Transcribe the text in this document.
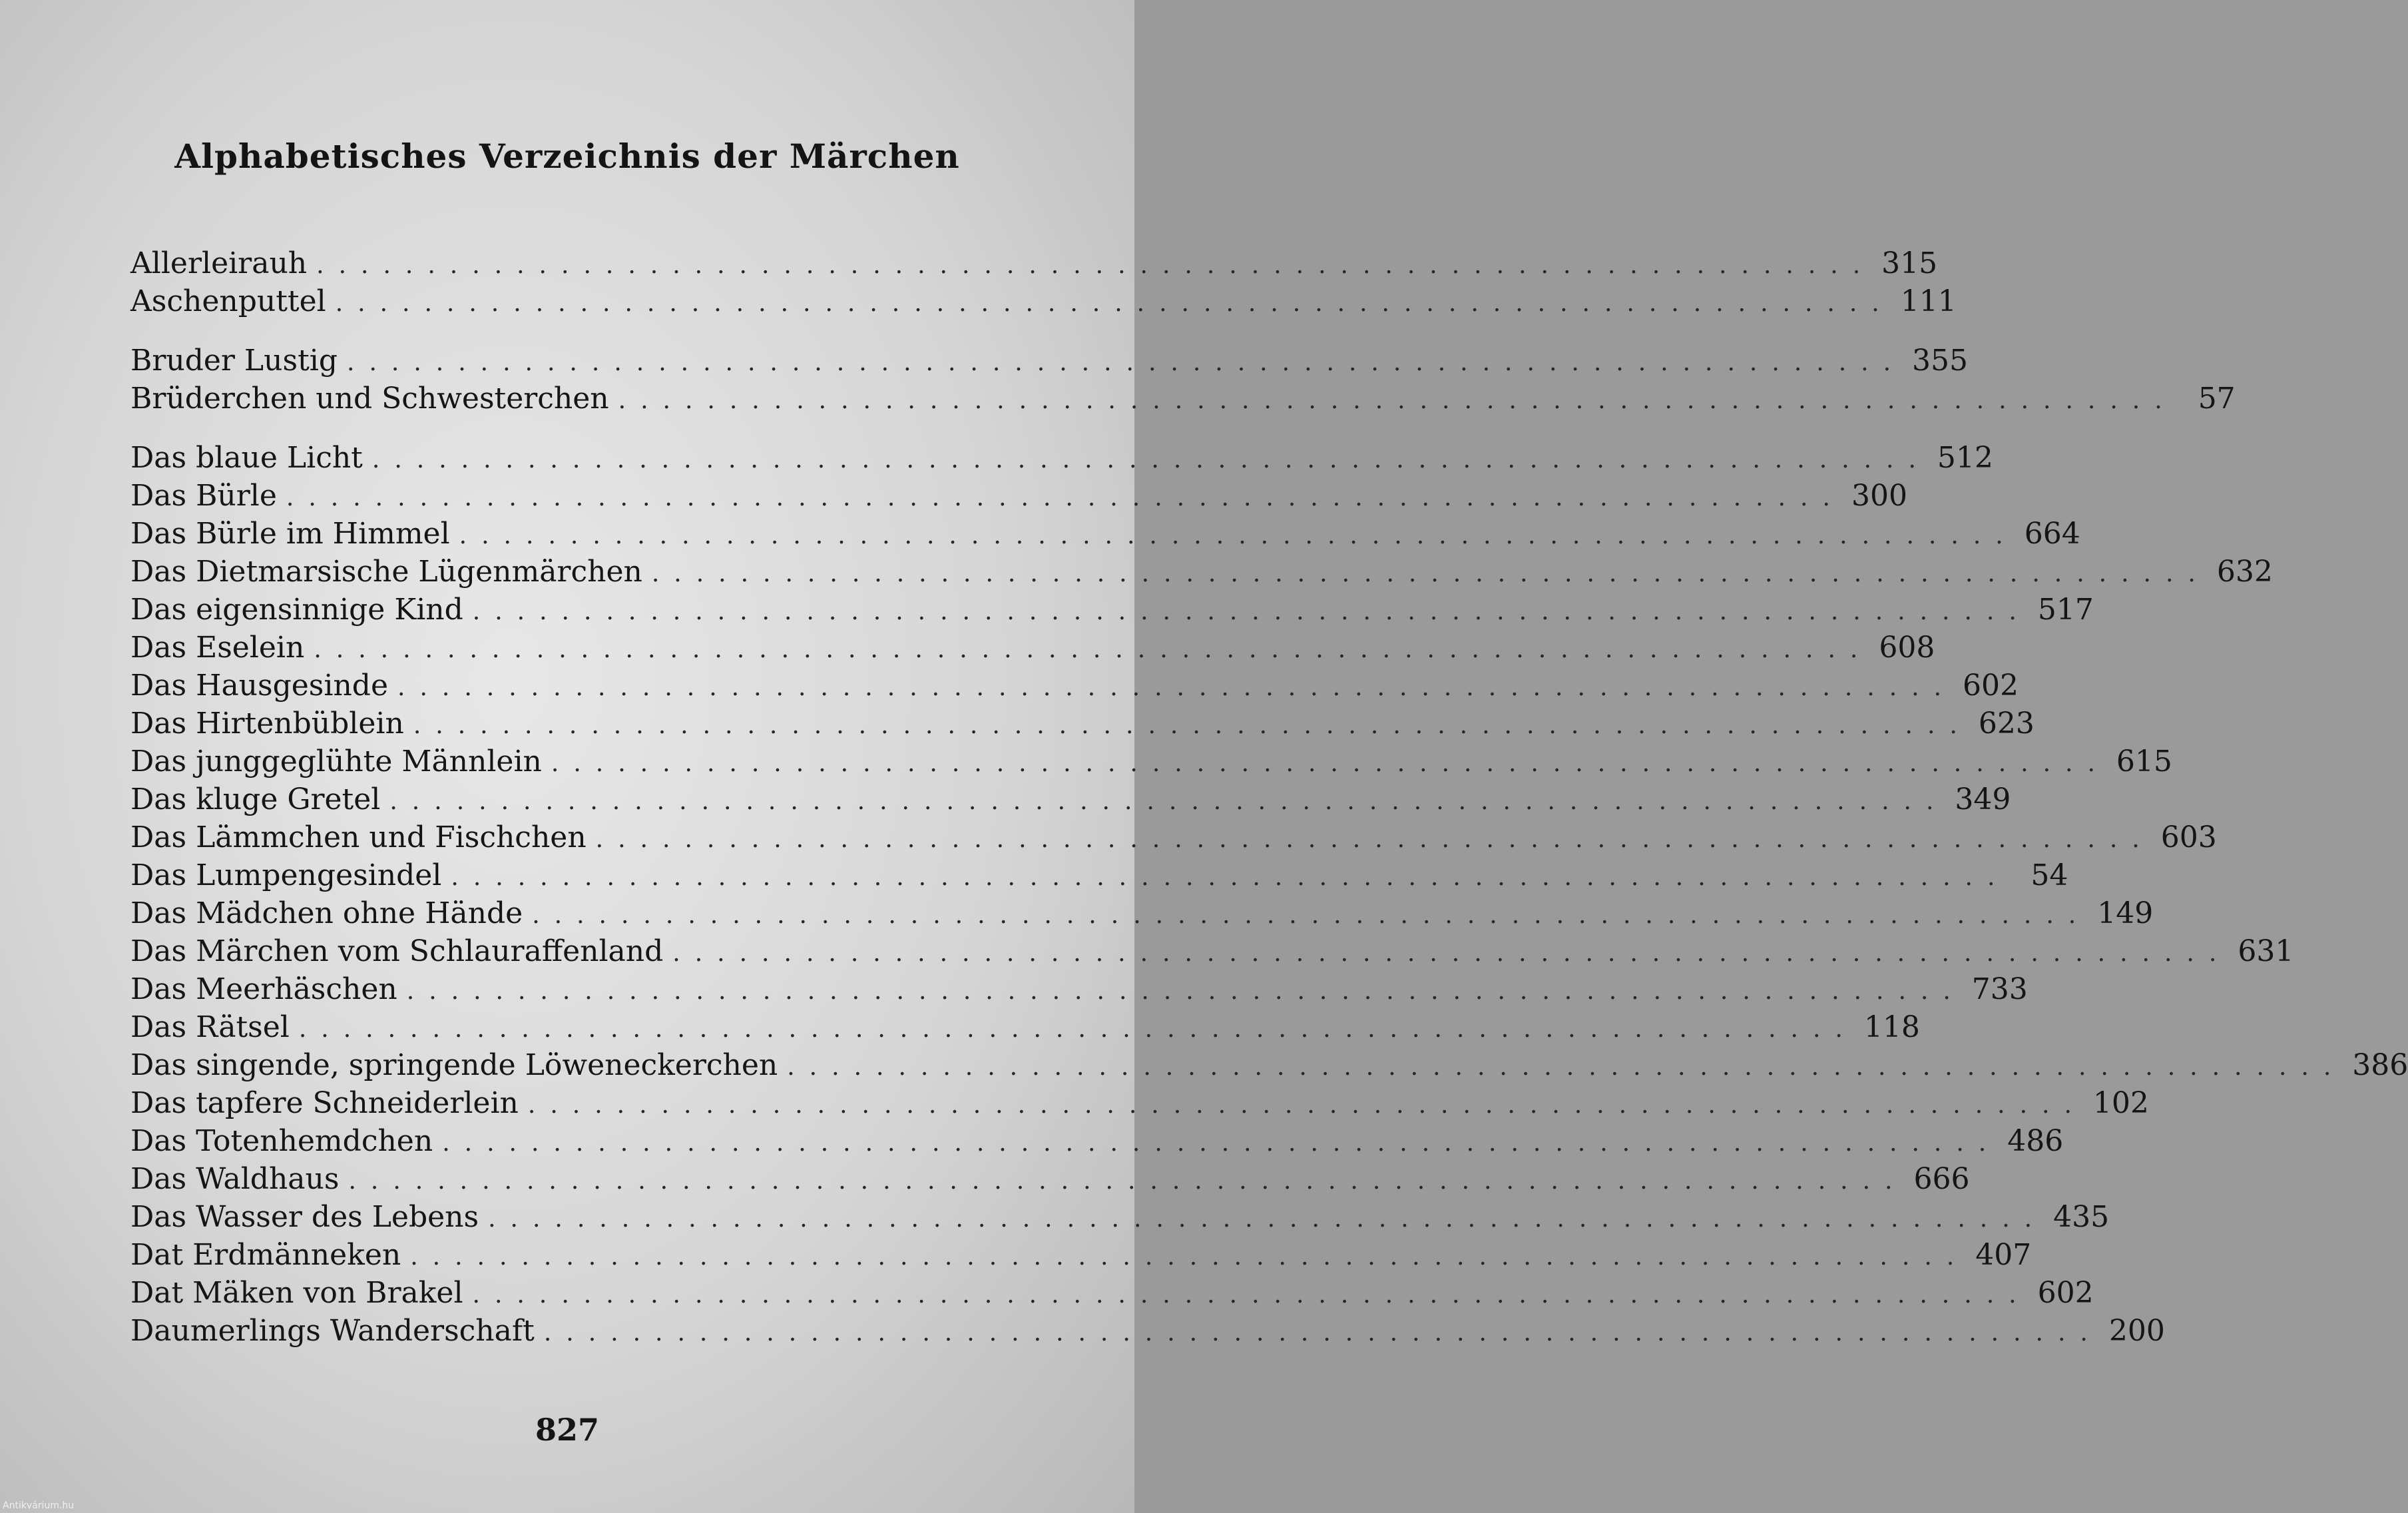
Alphabetisches Verzeichnis der Märchen
Allerleirauh ...................................................................... 315
Aschenputtel ...................................................................... 111
Bruder Lustig ...................................................................... 355
Brüderchen und Schwesterchen ...................................................................... 57
Das blaue Licht ...................................................................... 512
Das Bürle ...................................................................... 300
Das Bürle im Himmel ...................................................................... 664
Das Dietmarsische Lügenmärchen ...................................................................... 632
Das eigensinnige Kind ...................................................................... 517
Das Eselein ...................................................................... 608
Das Hausgesinde ...................................................................... 602
Das Hirtenbüblein ...................................................................... 623
Das junggeglühte Männlein ...................................................................... 615
Das kluge Gretel ...................................................................... 349
Das Lämmchen und Fischchen ...................................................................... 603
Das Lumpengesindel ...................................................................... 54
Das Mädchen ohne Hände ...................................................................... 149
Das Märchen vom Schlauraffenland ...................................................................... 631
Das Meerhäschen ...................................................................... 733
Das Rätsel ...................................................................... 118
Das singende, springende Löweneckerchen ...................................................................... 386
Das tapfere Schneiderlein ...................................................................... 102
Das Totenhemdchen ...................................................................... 486
Das Waldhaus ...................................................................... 666
Das Wasser des Lebens ...................................................................... 435
Dat Erdmänneken ...................................................................... 407
Dat Mäken von Brakel ...................................................................... 602
Daumerlings Wanderschaft ...................................................................... 200
827
Antikvárium.hu
